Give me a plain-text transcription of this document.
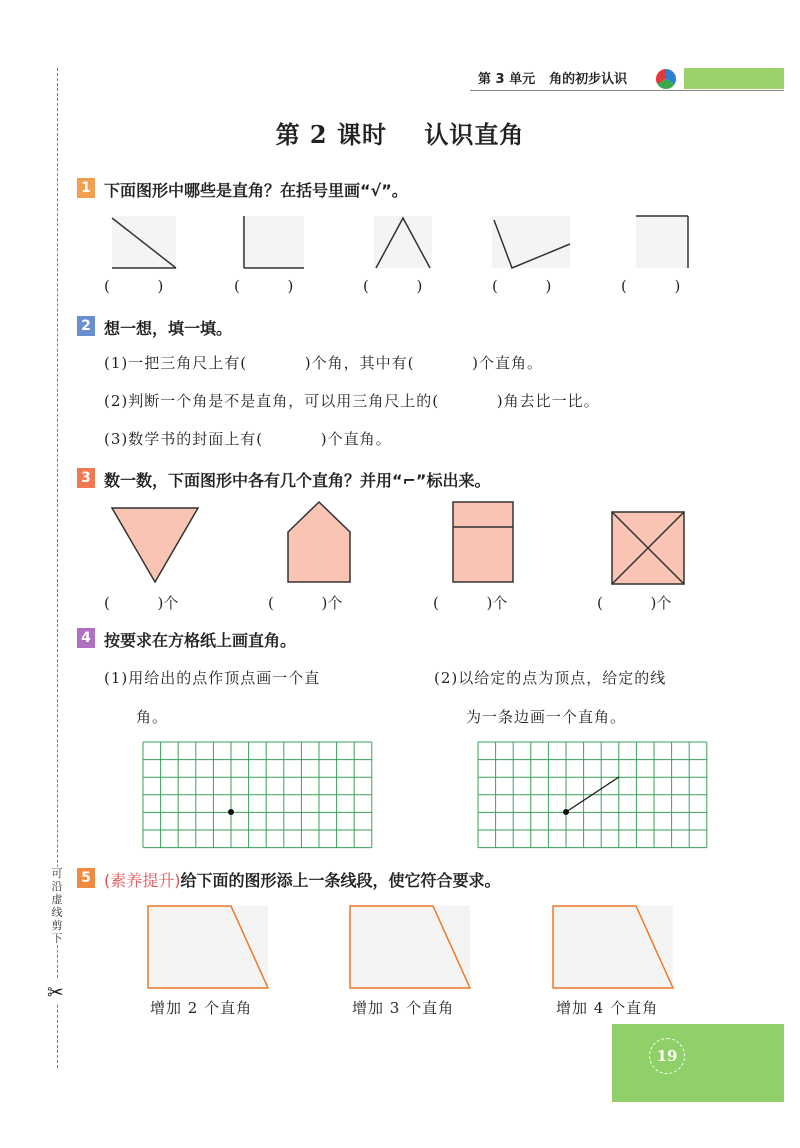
可沿虚线剪下
✂
第 3 单元 角的初步认识
第 2 课时    认识直角
1 下面图形中哪些是直角？在括号里画“√”。
(          )	(          )	(          )	(          )	(          )
2 想一想，填一填。
(1)一把三角尺上有(          )个角，其中有(          )个直角。
(2)判断一个角是不是直角，可以用三角尺上的(          )角去比一比。
(3)数学书的封面上有(          )个直角。
3 数一数，下面图形中各有几个直角？并用“⌐”标出来。
(          )个	(          )个	(          )个	(          )个
4 按要求在方格纸上画直角。
(1)用给出的点作顶点画一个直
角。
(2)以给定的点为顶点，给定的线
为一条边画一个直角。
5 (素养提升)给下面的图形添上一条线段，使它符合要求。
增加 2 个直角	增加 3 个直角	增加 4 个直角
19
